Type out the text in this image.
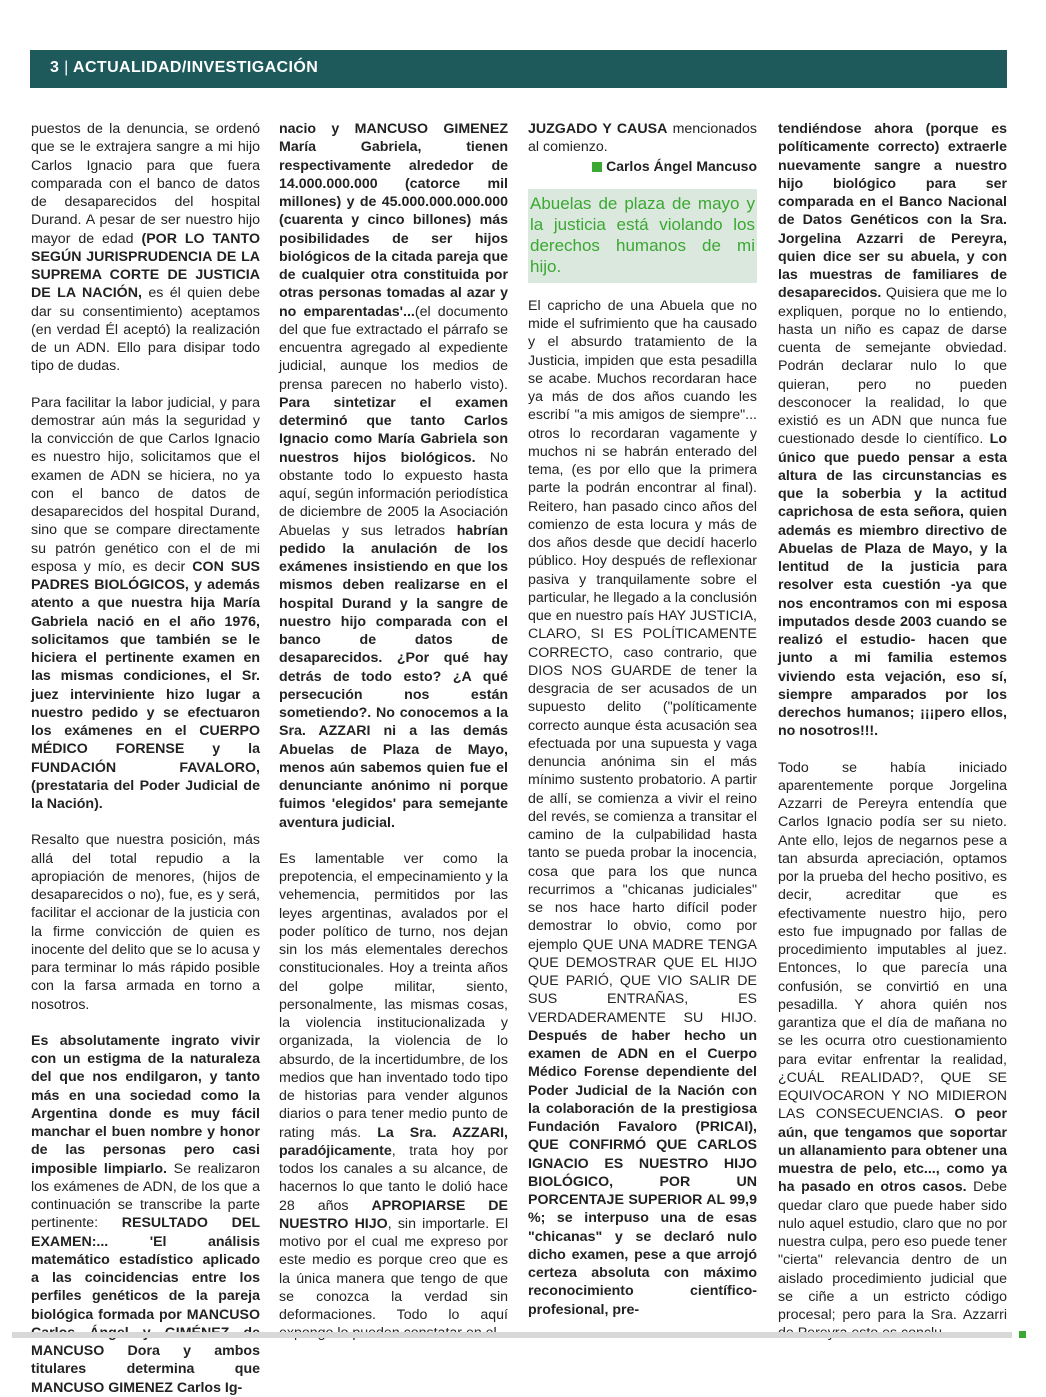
3 | ACTUALIDAD/INVESTIGACIÓN

puestos de la denuncia, se ordenó que se le extrajera sangre a mi hijo Carlos Ignacio para que fuera comparada con el banco de datos de desaparecidos del hospital Durand. A pesar de ser nuestro hijo mayor de edad (POR LO TANTO SEGÚN JURISPRUDENCIA DE LA SUPREMA CORTE DE JUSTICIA DE LA NACIÓN, es él quien debe dar su consentimiento) aceptamos (en verdad Él aceptó) la realización de un ADN. Ello para disipar todo tipo de dudas.

Para facilitar la labor judicial, y para demostrar aún más la seguridad y la convicción de que Carlos Ignacio es nuestro hijo, solicitamos que el examen de ADN se hiciera, no ya con el banco de datos de desaparecidos del hospital Durand, sino que se compare directamente su patrón genético con el de mi esposa y mío, es decir CON SUS PADRES BIOLÓGICOS, y además atento a que nuestra hija María Gabriela nació en el año 1976, solicitamos que también se le hiciera el pertinente examen en las mismas condiciones, el Sr. juez interviniente hizo lugar a nuestro pedido y se efectuaron los exámenes en el CUERPO MÉDICO FORENSE y la FUNDACIÓN FAVALORO, (prestataria del Poder Judicial de la Nación).

Resalto que nuestra posición, más allá del total repudio a la apropiación de menores, (hijos de desaparecidos o no), fue, es y será, facilitar el accionar de la justicia con la firme convicción de quien es inocente del delito que se lo acusa y para terminar lo más rápido posible con la farsa armada en torno a nosotros.

Es absolutamente ingrato vivir con un estigma de la naturaleza del que nos endilgaron, y tanto más en una sociedad como la Argentina donde es muy fácil manchar el buen nombre y honor de las personas pero casi imposible limpiarlo. Se realizaron los exámenes de ADN, de los que a continuación se transcribe la parte pertinente: RESULTADO DEL EXAMEN:... 'El análisis matemático estadístico aplicado a las coincidencias entre los perfiles genéticos de la pareja biológica formada por MANCUSO MANCUSO Dora y ambos titulares determina que MANCUSO GIMENEZ Carlos Ig-

nacio y MANCUSO GIMENEZ María Gabriela, tienen respectivamente alrededor de 14.000.000.000 (catorce mil millones) y de 45.000.000.000.000 (cuarenta y cinco billones) más posibilidades de ser hijos biológicos de la citada pareja que de cualquier otra constituida por otras personas tomadas al azar y no emparentadas'...(el documento del que fue extractado el párrafo se encuentra agregado al expediente judicial, aunque los medios de prensa parecen no haberlo visto). Para sintetizar el examen determinó que tanto Carlos Ignacio como María Gabriela son nuestros hijos biológicos. No obstante todo lo expuesto hasta aquí, según información periodística de diciembre de 2005 la Asociación Abuelas y sus letrados habrían pedido la anulación de los exámenes insistiendo en que los mismos deben realizarse en el hospital Durand y la sangre de nuestro hijo comparada con el banco de datos de desaparecidos. ¿Por qué hay detrás de todo esto? ¿A qué persecución nos están sometiendo?. No conocemos a la Sra. AZZARI ni a las demás Abuelas de Plaza de Mayo, menos aún sabemos quien fue el denunciante anónimo ni porque fuimos 'elegidos' para semejante aventura judicial.

Es lamentable ver como la prepotencia, el empecinamiento y la vehemencia, permitidos por las leyes argentinas, avalados por el poder político de turno, nos dejan sin los más elementales derechos constitucionales. Hoy a treinta años del golpe militar, siento, personalmente, las mismas cosas, la violencia institucionalizada y organizada, la violencia de lo absurdo, de la incertidumbre, de los medios que han inventado todo tipo de historias para vender algunos diarios o para tener medio punto de rating más. La Sra. AZZARI, paradójicamente, trata hoy por todos los canales a su alcance, de hacernos lo que tanto le dolió hace 28 años APROPIARSE DE NUESTRO HIJO, sin importarle. El motivo por el cual me expreso por este medio es porque creo que es la única manera que tengo de que se conozca la verdad sin deformaciones. Todo lo aquí

JUZGADO Y CAUSA mencionados al comienzo.

Carlos Ángel Mancuso
Abuelas de plaza de mayo y la justicia está violando los derechos humanos de mi hijo.

El capricho de una Abuela que no mide el sufrimiento que ha causado y el absurdo tratamiento de la Justicia, impiden que esta pesadilla se acabe. Muchos recordaran hace ya más de dos años cuando les escribí "a mis amigos de siempre"... otros lo recordaran vagamente y muchos ni se habrán enterado del tema, (es por ello que la primera parte la podrán encontrar al final). Reitero, han pasado cinco años del comienzo de esta locura y más de dos años desde que decidí hacerlo público. Hoy después de reflexionar pasiva y tranquilamente sobre el particular, he llegado a la conclusión que en nuestro país HAY JUSTICIA, CLARO, SI ES POLÍTICAMENTE CORRECTO, caso contrario, que DIOS NOS GUARDE de tener la desgracia de ser acusados de un supuesto delito ("políticamente correcto aunque ésta acusación sea efectuada por una supuesta y vaga denuncia anónima sin el más mínimo sustento probatorio. A partir de allí, se comienza a vivir el reino del revés, se comienza a transitar el camino de la culpabilidad hasta tanto se pueda probar la inocencia, cosa que para los que nunca recurrimos a "chicanas judiciales" se nos hace harto difícil poder demostrar lo obvio, como por ejemplo QUE UNA MADRE TENGA QUE DEMOSTRAR QUE EL HIJO QUE PARIÓ, QUE VIO SALIR DE SUS ENTRAÑAS, ES VERDADERAMENTE SU HIJO. Después de haber hecho un examen de ADN en el Cuerpo Médico Forense dependiente del Poder Judicial de la Nación con la colaboración de la prestigiosa Fundación Favaloro (PRICAI), QUE CONFIRMÓ QUE CARLOS IGNACIO ES NUESTRO HIJO BIOLÓGICO, POR UN PORCENTAJE SUPERIOR AL 99,9 %; se interpuso una de esas "chicanas" y se declaró nulo dicho examen, pese a que arrojó certeza absoluta con máximo reconocimiento científico-profesional, pre-

tendiéndose ahora (porque es políticamente correcto) extraerle nuevamente sangre a nuestro hijo biológico para ser comparada en el Banco Nacional de Datos Genéticos con la Sra. Jorgelina Azzarri de Pereyra, quien dice ser su abuela, y con las muestras de familiares de desaparecidos. Quisiera que me lo expliquen, porque no lo entiendo, hasta un niño es capaz de darse cuenta de semejante obviedad. Podrán declarar nulo lo que quieran, pero no pueden desconocer la realidad, lo que existió es un ADN que nunca fue cuestionado desde lo científico. Lo único que puedo pensar a esta altura de las circunstancias es que la soberbia y la actitud caprichosa de esta señora, quien además es miembro directivo de Abuelas de Plaza de Mayo, y la lentitud de la justicia para resolver esta cuestión -ya que nos encontramos con mi esposa imputados desde 2003 cuando se realizó el estudio- hacen que junto a mi familia estemos viviendo esta vejación, eso sí, siempre amparados por los derechos humanos; ¡¡¡pero ellos, no nosotros!!!.

Todo se había iniciado aparentemente porque Jorgelina Azzarri de Pereyra entendía que Carlos Ignacio podía ser su nieto. Ante ello, lejos de negarnos pese a tan absurda apreciación, optamos por la prueba del hecho positivo, es decir, acreditar que es efectivamente nuestro hijo, pero esto fue impugnado por fallas de procedimiento imputables al juez. Entonces, lo que parecía una confusión, se convirtió en una pesadilla. Y ahora quién nos garantiza que el día de mañana no se les ocurra otro cuestionamiento para evitar enfrentar la realidad, ¿CUÁL REALIDAD?, QUE SE EQUIVOCARON Y NO MIDIERON LAS CONSECUENCIAS. O peor aún, que tengamos que soportar un allanamiento para obtener una muestra de pelo, etc..., como ya ha pasado en otros casos. Debe quedar claro que puede haber sido nulo aquel estudio, claro que no por nuestra culpa, pero eso puede tener "cierta" relevancia dentro de un aislado procedimiento judicial que se ciñe a un estricto código procesal; pero para la Sra. Azzarri
